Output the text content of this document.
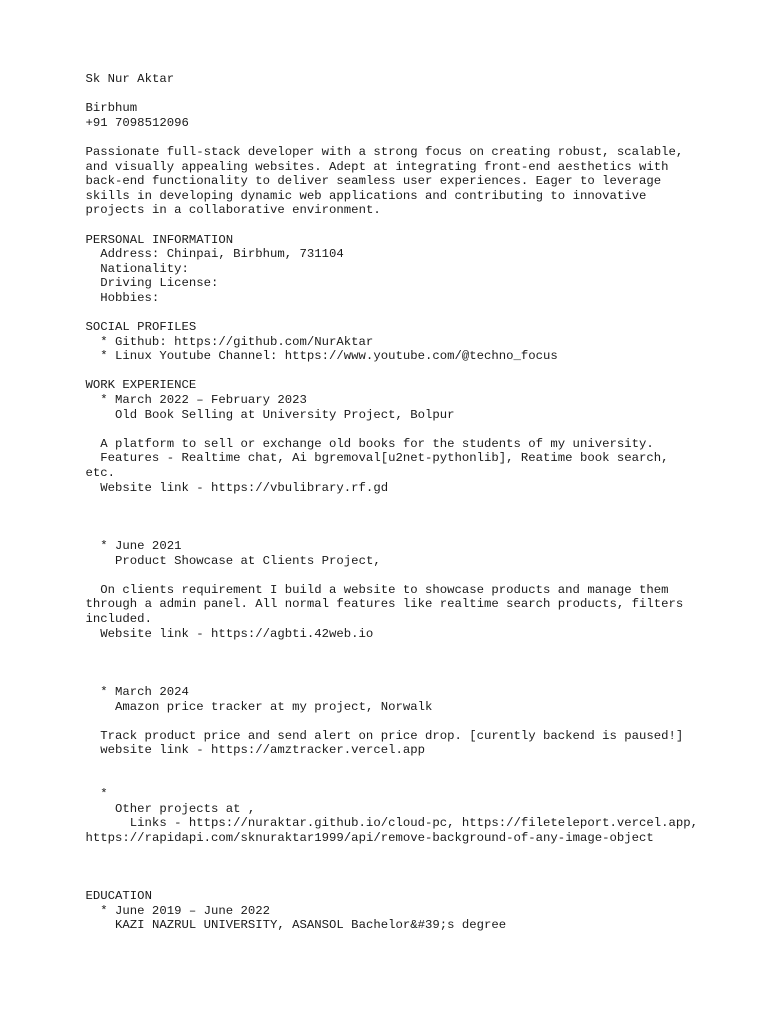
Sk Nur Aktar

Birbhum
+91 7098512096

Passionate full-stack developer with a strong focus on creating robust, scalable,
and visually appealing websites. Adept at integrating front-end aesthetics with
back-end functionality to deliver seamless user experiences. Eager to leverage
skills in developing dynamic web applications and contributing to innovative
projects in a collaborative environment.

PERSONAL INFORMATION
Address: Chinpai, Birbhum, 731104
Nationality:
Driving License:
Hobbies:

SOCIAL PROFILES
* Github: https://github.com/NurAktar
* Linux Youtube Channel: https://www.youtube.com/@techno_focus

WORK EXPERIENCE
* March 2022 – February 2023
Old Book Selling at University Project, Bolpur

A platform to sell or exchange old books for the students of my university.
Features - Realtime chat, Ai bgremoval[u2net-pythonlib], Reatime book search,
etc.
Website link - https://vbulibrary.rf.gd

* June 2021
Product Showcase at Clients Project,

On clients requirement I build a website to showcase products and manage them
through a admin panel. All normal features like realtime search products, filters
included.
Website link - https://agbti.42web.io

* March 2024
Amazon price tracker at my project, Norwalk

Track product price and send alert on price drop. [curently backend is paused!]
website link - https://amztracker.vercel.app

*
Other projects at ,
Links - https://nuraktar.github.io/cloud-pc, https://fileteleport.vercel.app,
https://rapidapi.com/sknuraktar1999/api/remove-background-of-any-image-object

EDUCATION
* June 2019 – June 2022
KAZI NAZRUL UNIVERSITY, ASANSOL Bachelor&#39;s degree
